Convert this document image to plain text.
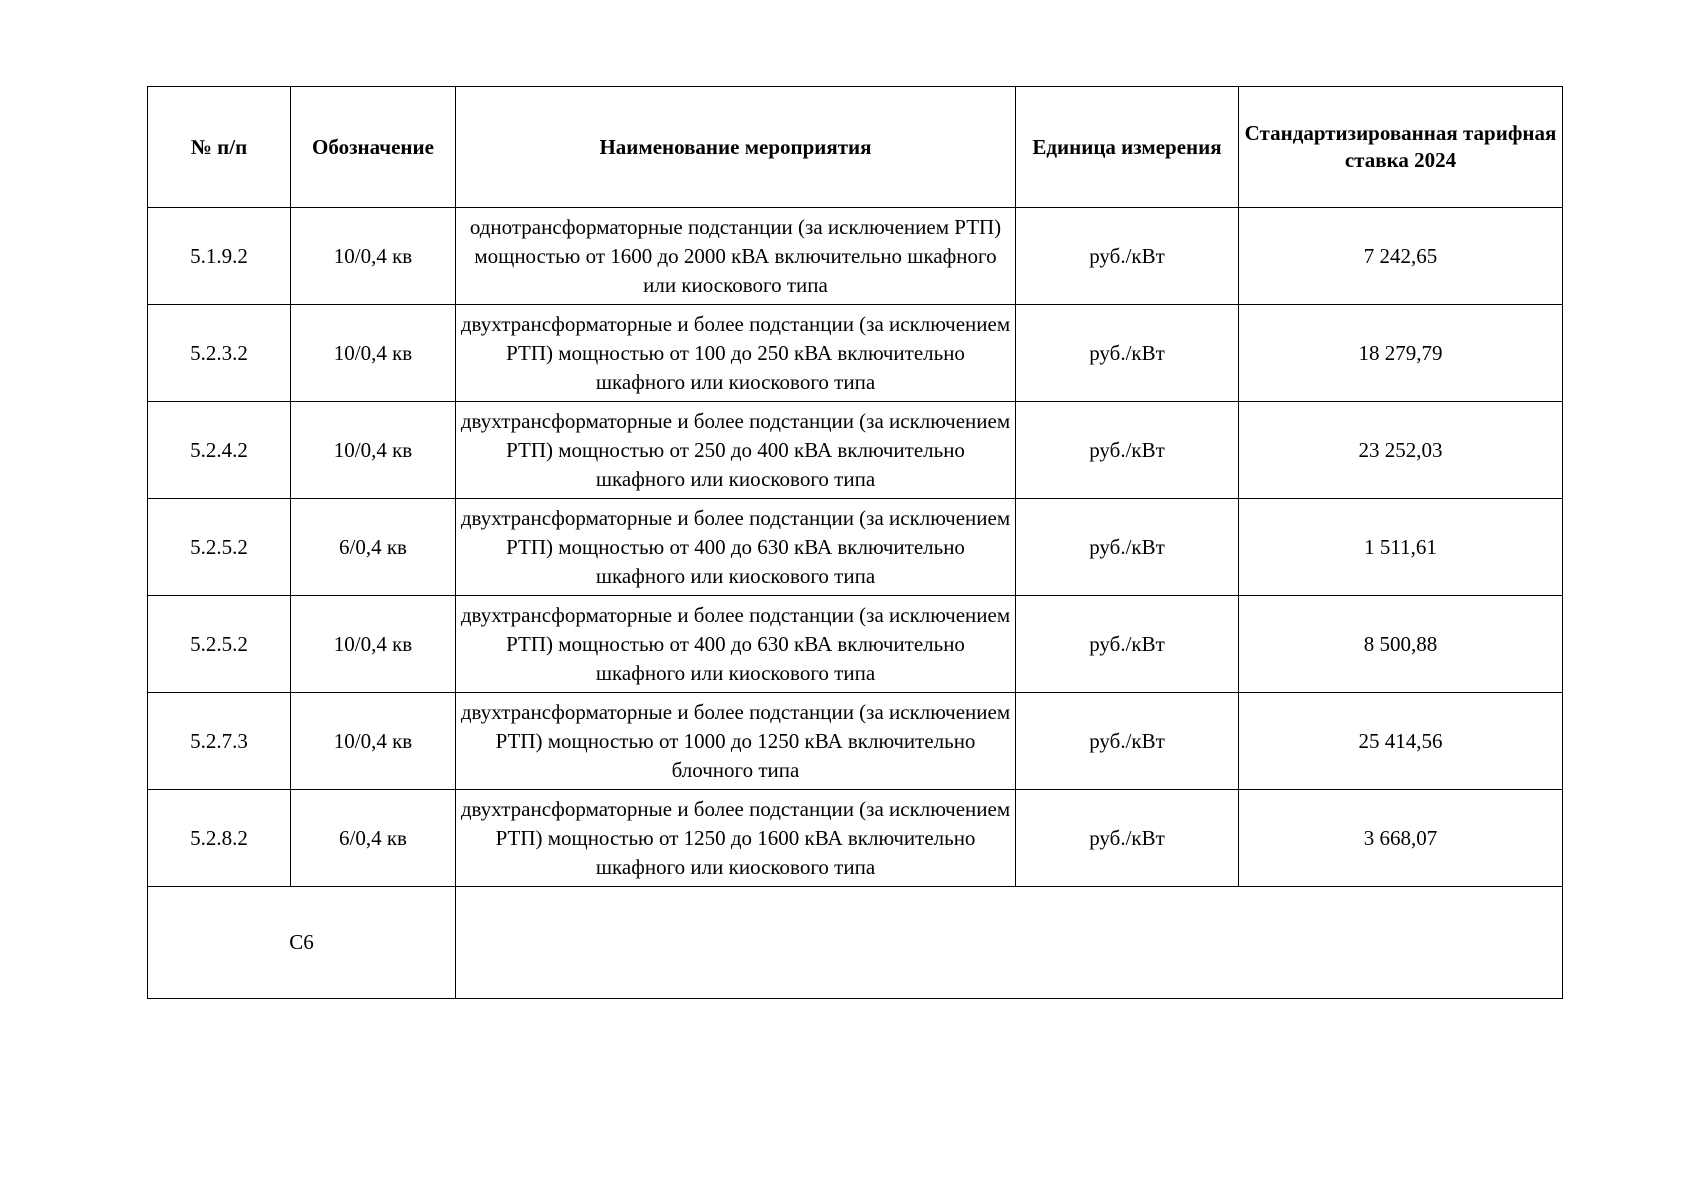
№ п/п	Обозначение	Наименование мероприятия	Единица измерения	Стандартизированная тарифная ставка 2024
5.1.9.2	10/0,4 кв	однотрансформаторные подстанции (за исключением РТП) мощностью от 1600 до 2000 кВА включительно шкафного или киоскового типа	руб./кВт	7 242,65
5.2.3.2	10/0,4 кв	двухтрансформаторные и более подстанции (за исключением РТП) мощностью от 100 до 250 кВА включительно шкафного или киоскового типа	руб./кВт	18 279,79
5.2.4.2	10/0,4 кв	двухтрансформаторные и более подстанции (за исключением РТП) мощностью от 250 до 400 кВА включительно шкафного или киоскового типа	руб./кВт	23 252,03
5.2.5.2	6/0,4 кв	двухтрансформаторные и более подстанции (за исключением РТП) мощностью от 400 до 630 кВА включительно шкафного или киоскового типа	руб./кВт	1 511,61
5.2.5.2	10/0,4 кв	двухтрансформаторные и более подстанции (за исключением РТП) мощностью от 400 до 630 кВА включительно шкафного или киоскового типа	руб./кВт	8 500,88
5.2.7.3	10/0,4 кв	двухтрансформаторные и более подстанции (за исключением РТП) мощностью от 1000 до 1250 кВА включительно блочного типа	руб./кВт	25 414,56
5.2.8.2	6/0,4 кв	двухтрансформаторные и более подстанции (за исключением РТП) мощностью от 1250 до 1600 кВА включительно шкафного или киоскового типа	руб./кВт	3 668,07
С6				
